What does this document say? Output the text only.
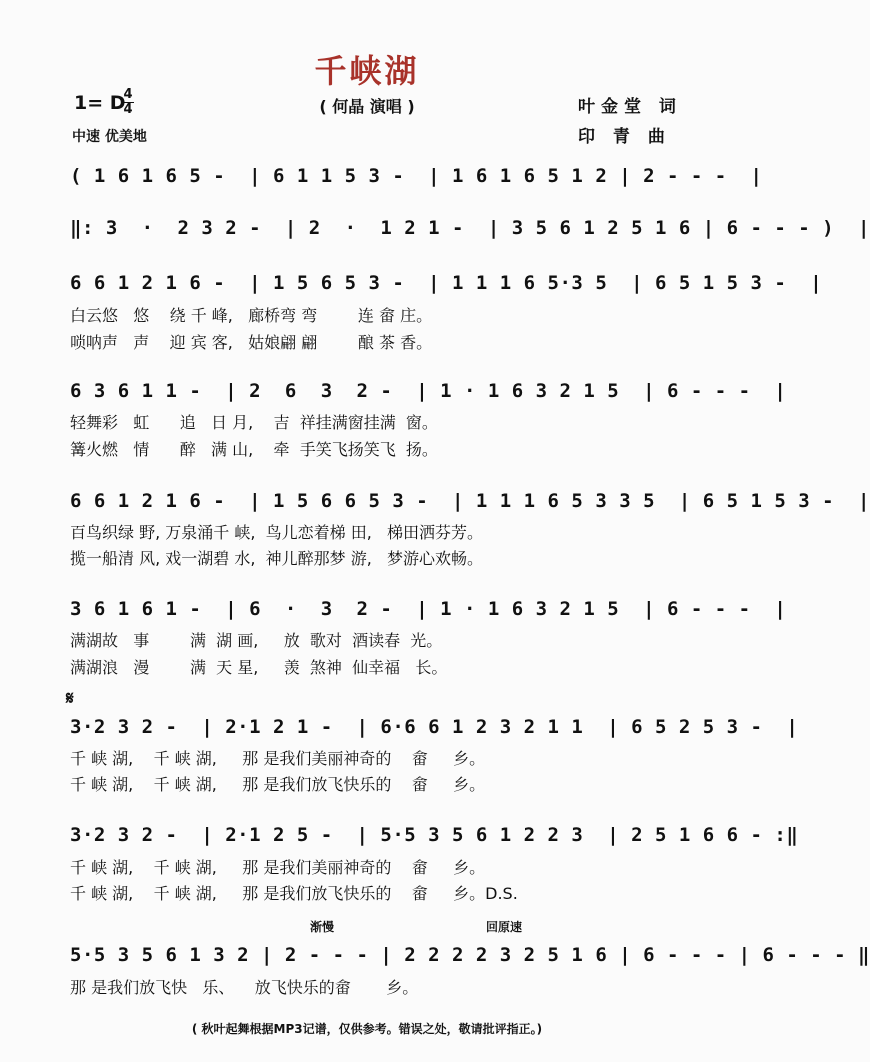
千峡湖
1= D
4
4
中速 优美地
( 何晶 演唱 )	叶金堂 词
印 青 曲
( 1 6 1 6 5 -  | 6 1 1 5 3 -  | 1 6 1 6 5 1 2 | 2 - - -  |
‖: 3  ·  2 3 2 -  | 2  ·  1 2 1 -  | 3 5 6 1 2 5 1 6 | 6 - - - )  |
6 6 1 2 1 6 -  | 1 5 6 5 3 -  | 1 1 1 6 5·3 5  | 6 5 1 5 3 -  |
白云悠   悠    绕 千 峰,   廊桥弯 弯        连 畲 庄。
唢呐声   声    迎 宾 客,   姑娘翩 翩        酿 茶 香。
6 3 6 1 1 -  | 2  6  3  2 -  | 1 · 1 6 3 2 1 5  | 6 - - -  |
轻舞彩   虹      追   日 月,    吉  祥挂满窗挂满  窗。
篝火燃   情      醉   满 山,    牵  手笑飞扬笑飞  扬。
6 6 1 2 1 6 -  | 1 5 6 6 5 3 -  | 1 1 1 6 5 3 3 5  | 6 5 1 5 3 -  |
百鸟织绿 野, 万泉涌千 峡,  鸟儿恋着梯 田,   梯田洒芬芳。
揽一船清 风, 戏一湖碧 水,  神儿醉那梦 游,   梦游心欢畅。
3 6 1 6 1 -  | 6  ·  3  2 -  | 1 · 1 6 3 2 1 5  | 6 - - -  |
满湖故   事        满  湖 画,     放  歌对  酒读春  光。
满湖浪   漫        满  天 星,     羡  煞神  仙幸福   长。
𝄋
3·2 3 2 -  | 2·1 2 1 -  | 6·6 6 1 2 3 2 1 1  | 6 5 2 5 3 -  |
千 峡 湖,    千 峡 湖,     那 是我们美丽神奇的    畲     乡。
千 峡 湖,    千 峡 湖,     那 是我们放飞快乐的    畲     乡。
3·2 3 2 -  | 2·1 2 5 -  | 5·5 3 5 6 1 2 2 3  | 2 5 1 6 6 - :‖
千 峡 湖,    千 峡 湖,     那 是我们美丽神奇的    畲     乡。
千 峡 湖,    千 峡 湖,     那 是我们放飞快乐的    畲     乡。D.S.
渐慢	回原速
5·5 3 5 6 1 3 2 | 2 - - - | 2 2 2 2 3 2 5 1 6 | 6 - - - | 6 - - - ‖
那 是我们放飞快   乐、    放飞快乐的畲       乡。
( 秋叶起舞根据MP3记谱，仅供参考。错误之处，敬请批评指正。)
